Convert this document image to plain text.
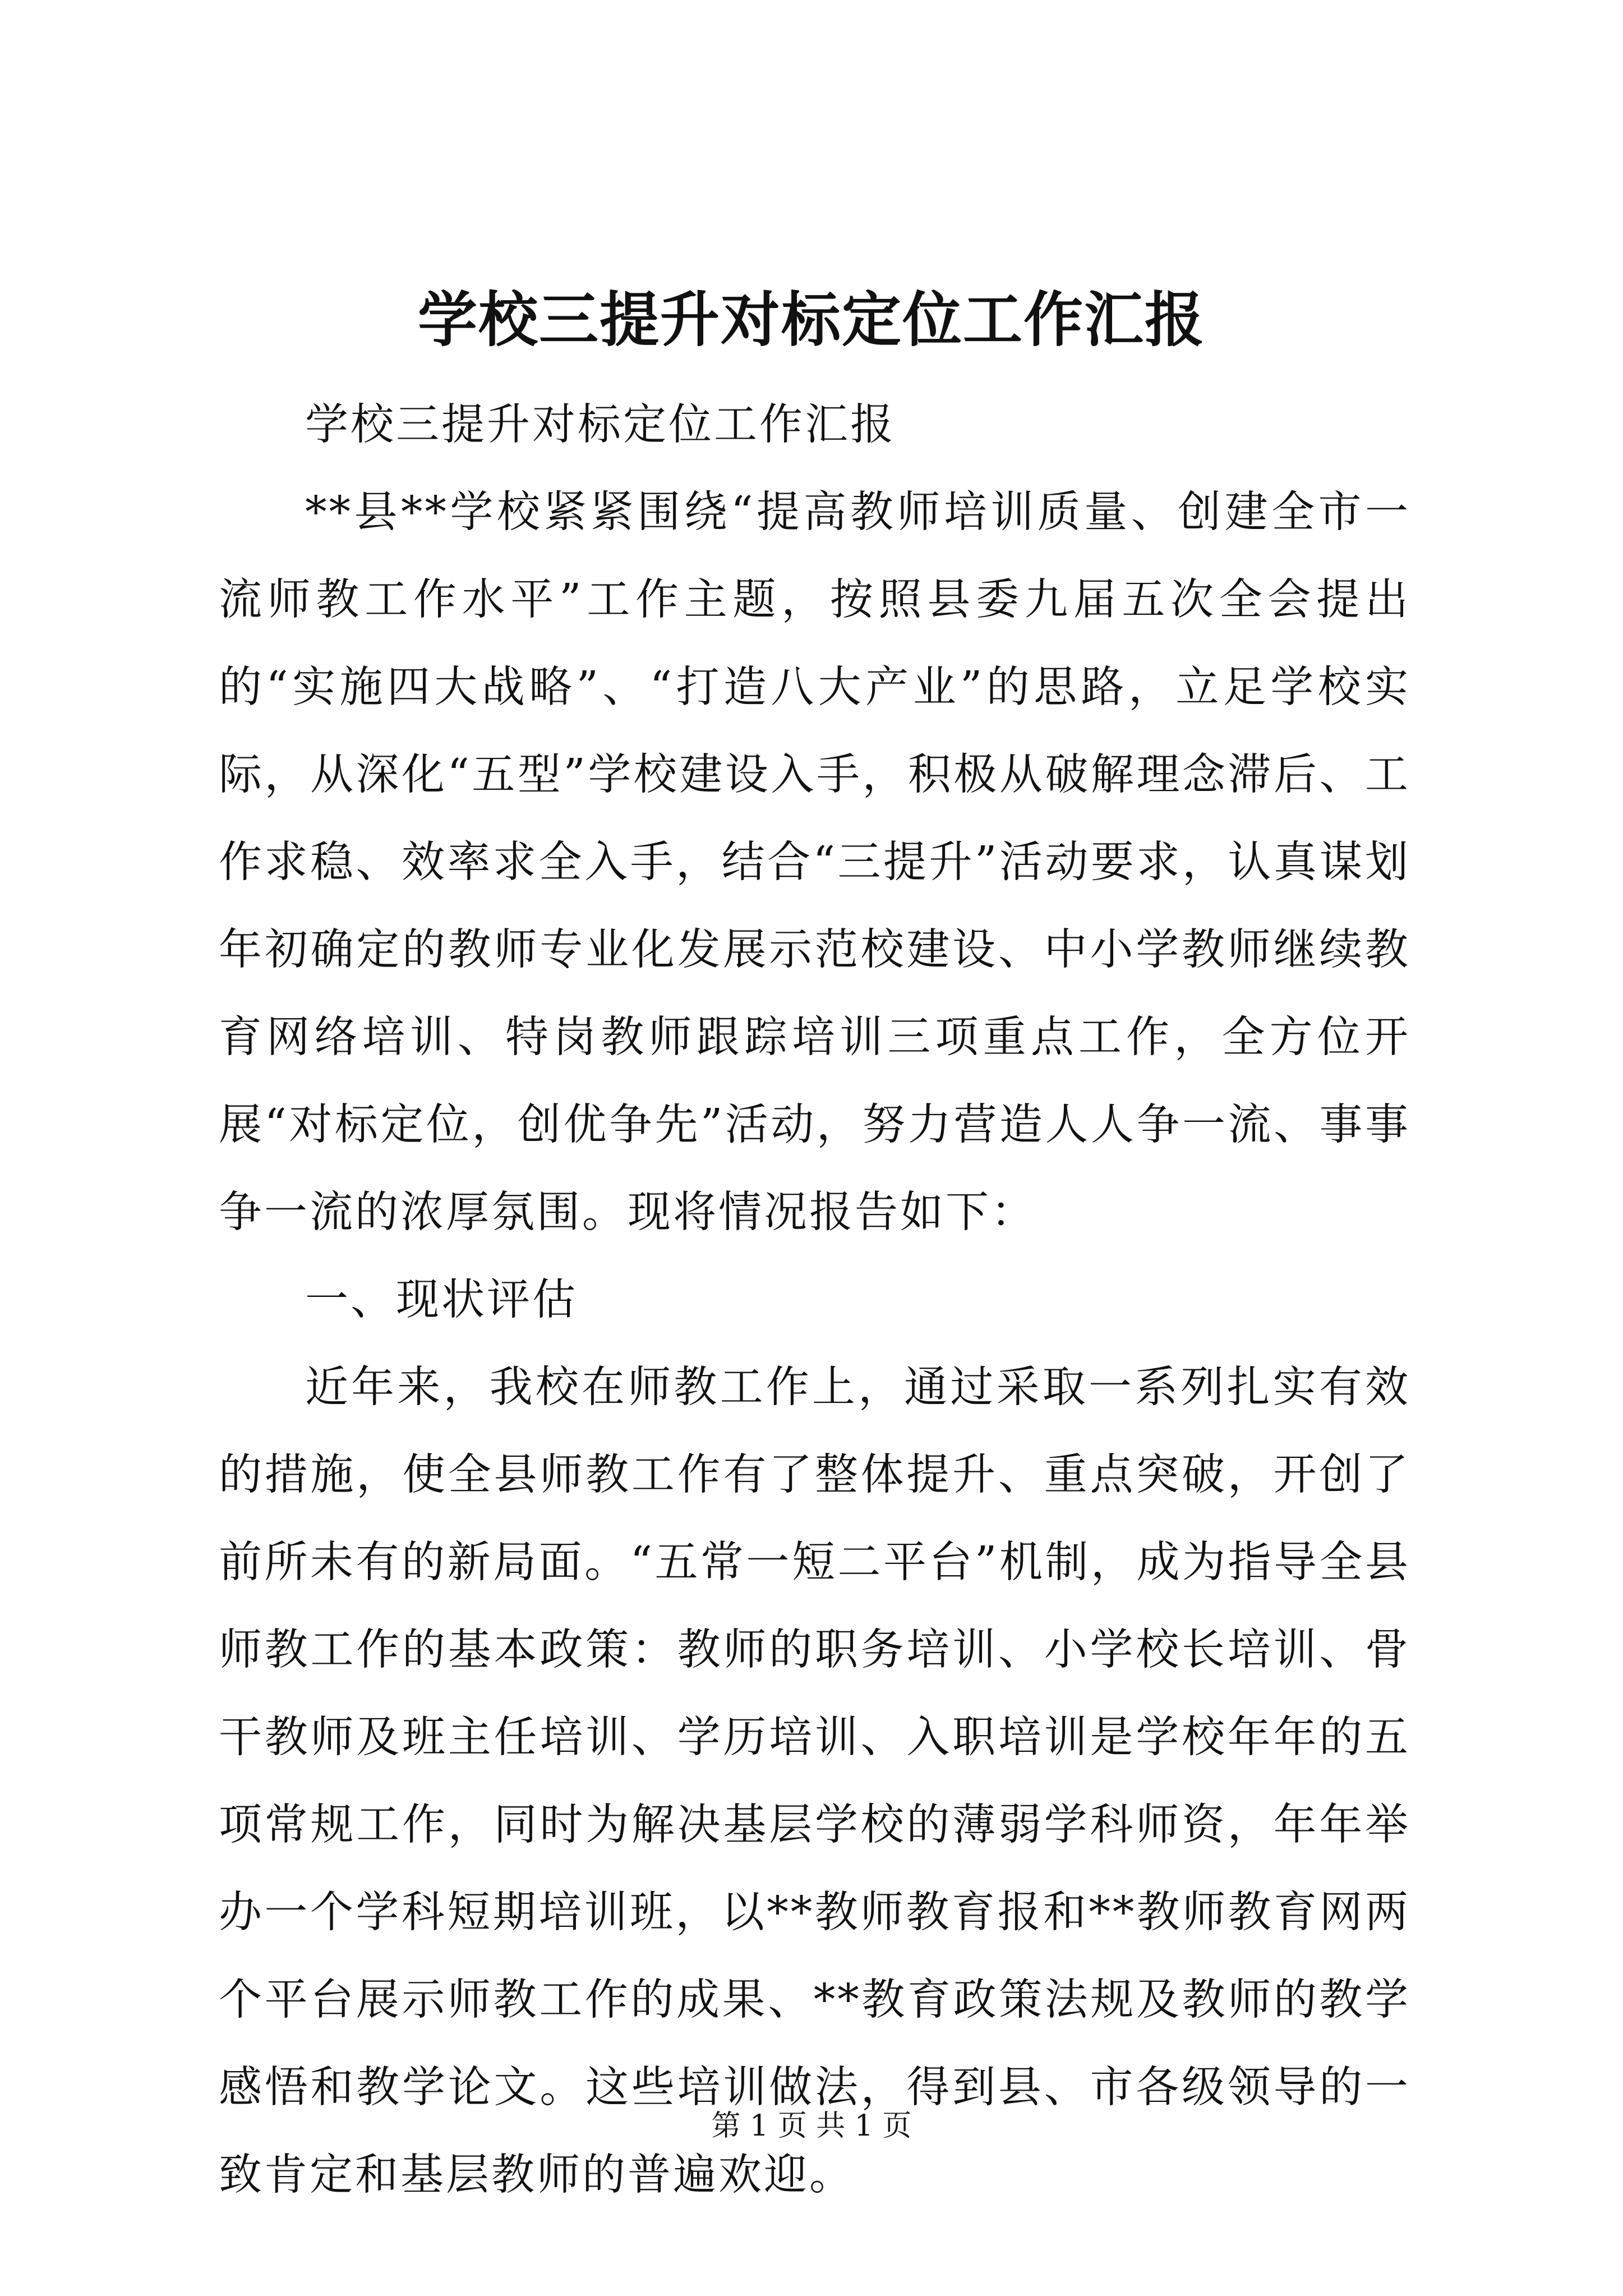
学校三提升对标定位工作汇报

学校三提升对标定位工作汇报

**县**学校紧紧围绕“提高教师培训质量、创建全市一流师教工作水平”工作主题，按照县委九届五次全会提出的“实施四大战略”、“打造八大产业”的思路，立足学校实际，从深化“五型”学校建设入手，积极从破解理念滞后、工作求稳、效率求全入手，结合“三提升”活动要求，认真谋划年初确定的教师专业化发展示范校建设、中小学教师继续教育网络培训、特岗教师跟踪培训三项重点工作，全方位开展“对标定位，创优争先”活动，努力营造人人争一流、事事争一流的浓厚氛围。现将情况报告如下：

一、现状评估

近年来，我校在师教工作上，通过采取一系列扎实有效的措施，使全县师教工作有了整体提升、重点突破，开创了前所未有的新局面。“五常一短二平台”机制，成为指导全县师教工作的基本政策：教师的职务培训、小学校长培训、骨干教师及班主任培训、学历培训、入职培训是学校年年的五项常规工作，同时为解决基层学校的薄弱学科师资，年年举办一个学科短期培训班，以**教师教育报和**教师教育网两个平台展示师教工作的成果、**教育政策法规及教师的教学感悟和教学论文。这些培训做法，得到县、市各级领导的一致肯定和基层教师的普遍欢迎。

第 1 页 共 1 页
